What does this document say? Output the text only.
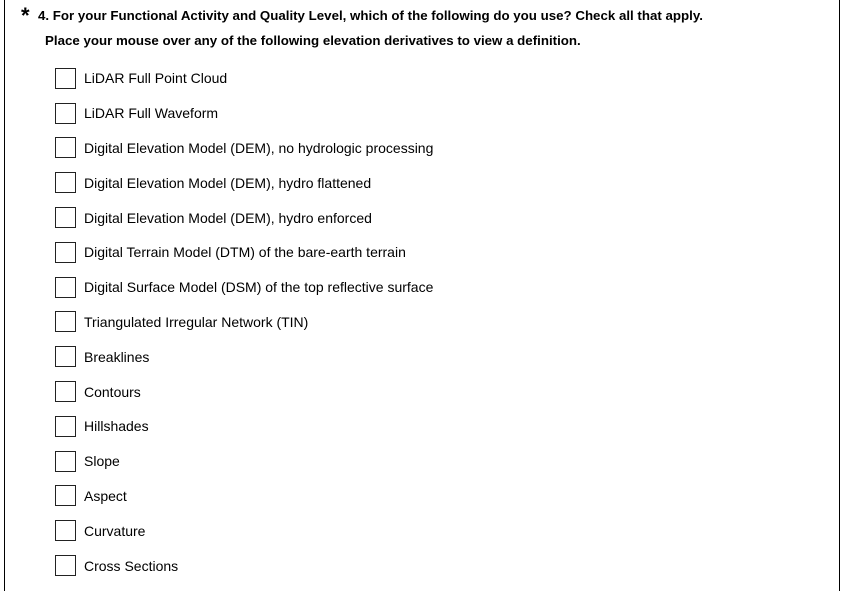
* 4. For your Functional Activity and Quality Level, which of the following do you use? Check all that apply.
Place your mouse over any of the following elevation derivatives to view a definition.
LiDAR Full Point Cloud
LiDAR Full Waveform
Digital Elevation Model (DEM), no hydrologic processing
Digital Elevation Model (DEM), hydro flattened
Digital Elevation Model (DEM), hydro enforced
Digital Terrain Model (DTM) of the bare-earth terrain
Digital Surface Model (DSM) of the top reflective surface
Triangulated Irregular Network (TIN)
Breaklines
Contours
Hillshades
Slope
Aspect
Curvature
Cross Sections
